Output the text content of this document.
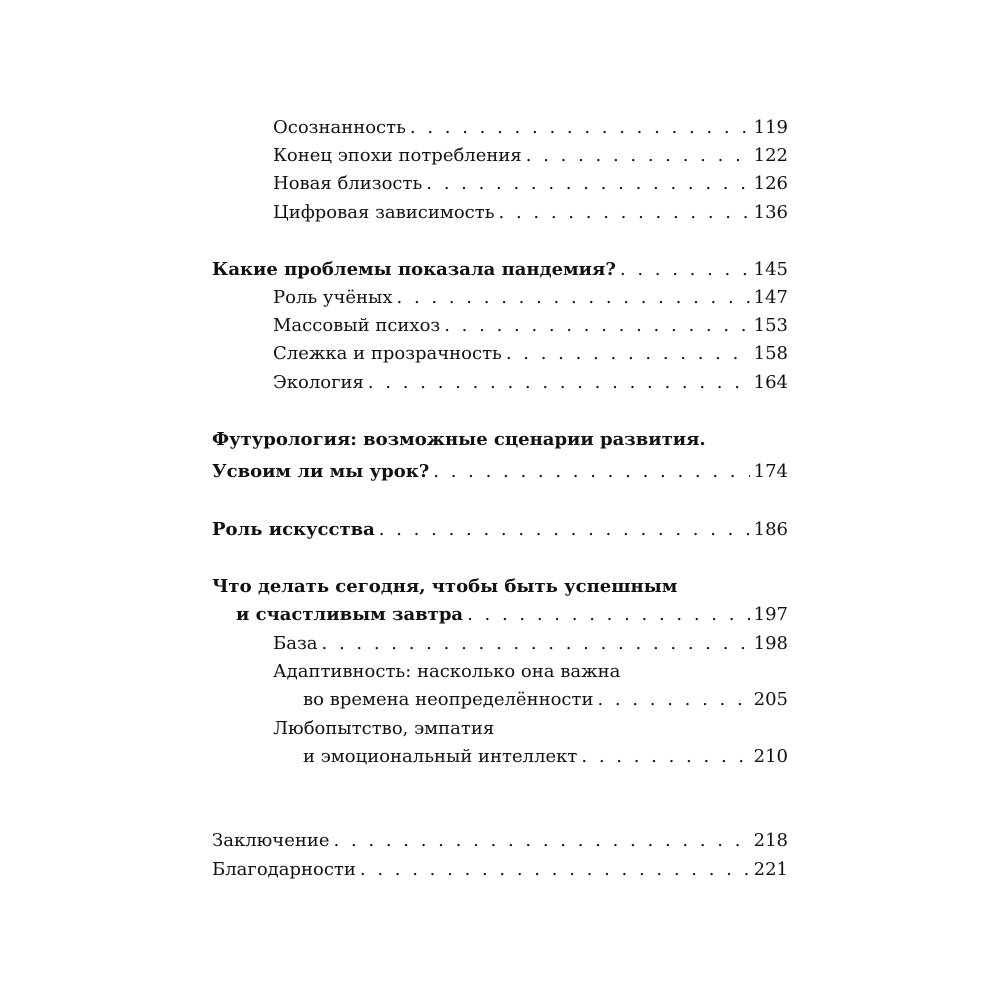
Осознанность . . .	119
Конец эпохи потребления . . .	122
Новая близость . . .	126
Цифровая зависимость . . .	136
Какие проблемы показала пандемия? . . .	145
Роль учёных . . .	147
Массовый психоз . . .	153
Слежка и прозрачность . . .	158
Экология . . .	164
Футурология: возможные сценарии развития.
Усвоим ли мы урок? . . .	174
Роль искусства . . .	186
Что делать сегодня, чтобы быть успешным
и счастливым завтра . . .	197
База . . .	198
Адаптивность: насколько она важна
во времена неопределённости . . .	205
Любопытство, эмпатия
и эмоциональный интеллект . . .	210
Заключение . . .	218
Благодарности . . .	221
